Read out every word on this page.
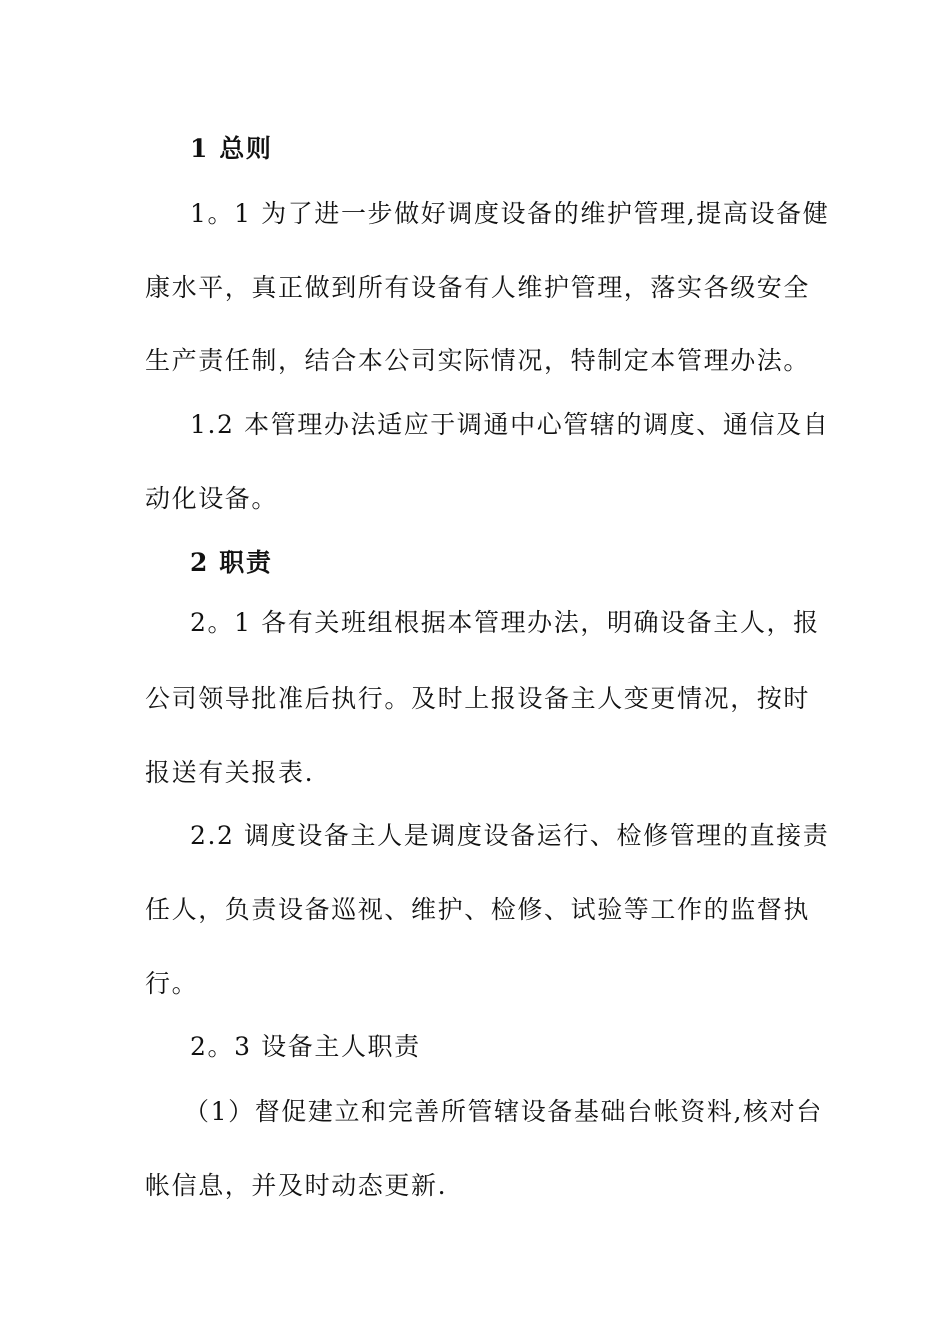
1 总则
1。1 为了进一步做好调度设备的维护管理,提高设备健
康水平，真正做到所有设备有人维护管理，落实各级安全
生产责任制，结合本公司实际情况，特制定本管理办法。
1.2 本管理办法适应于调通中心管辖的调度、通信及自
动化设备。
2 职责
2。1 各有关班组根据本管理办法，明确设备主人，报
公司领导批准后执行。及时上报设备主人变更情况，按时
报送有关报表.
2.2 调度设备主人是调度设备运行、检修管理的直接责
任人，负责设备巡视、维护、检修、试验等工作的监督执
行。
2。3 设备主人职责
（1）督促建立和完善所管辖设备基础台帐资料,核对台
帐信息，并及时动态更新.
